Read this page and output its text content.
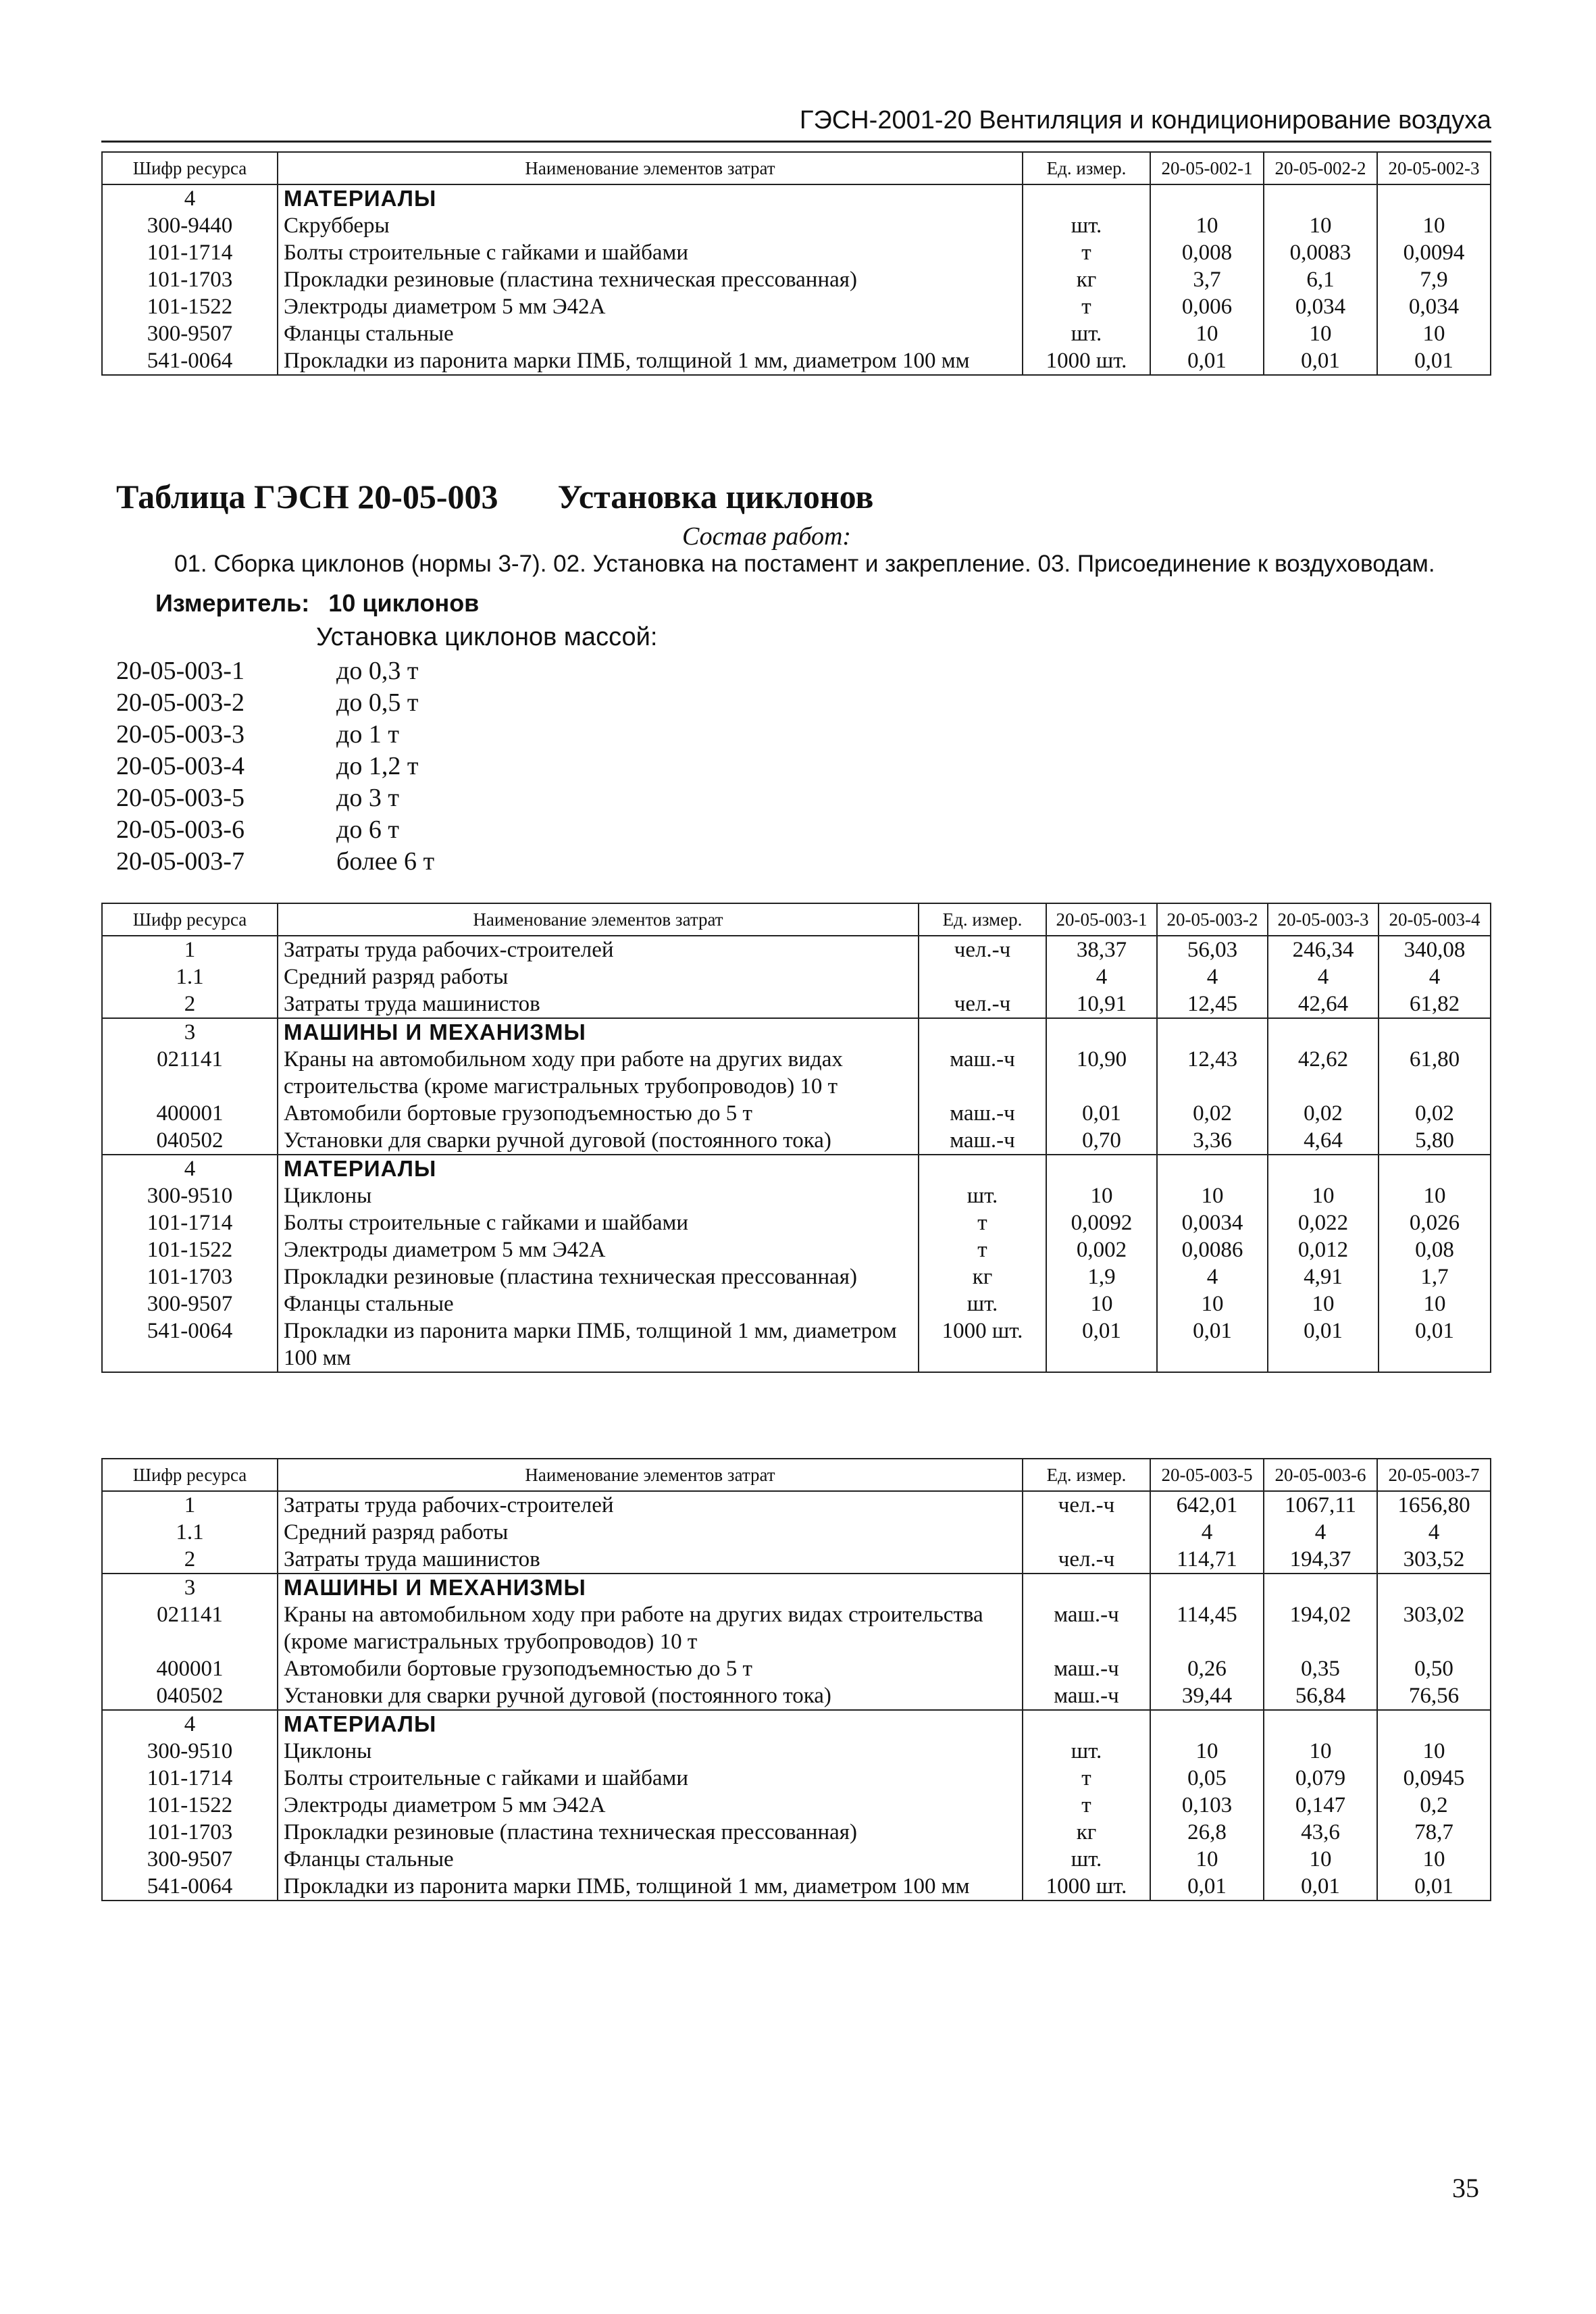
ГЭСН-2001-20 Вентиляция и кондиционирование воздуха
Шифр ресурса	Наименование элементов затрат	Ед. измер.	20-05-002-1	20-05-002-2	20-05-002-3
4	МАТЕРИАЛЫ				
300-9440	Скрубберы	шт.	10	10	10
101-1714	Болты строительные с гайками и шайбами	т	0,008	0,0083	0,0094
101-1703	Прокладки резиновые (пластина техническая прессованная)	кг	3,7	6,1	7,9
101-1522	Электроды диаметром 5 мм Э42А	т	0,006	0,034	0,034
300-9507	Фланцы стальные	шт.	10	10	10
541-0064	Прокладки из паронита марки ПМБ, толщиной 1 мм, диаметром 100 мм	1000 шт.	0,01	0,01	0,01
Таблица ГЭСН 20-05-003 Установка циклонов
Состав работ:
01. Сборка циклонов (нормы 3-7). 02. Установка на постамент и закрепление. 03. Присоединение к воздуховодам.
Измеритель: 10 циклонов
Установка циклонов массой:
20-05-003-1	до 0,3 т
20-05-003-2	до 0,5 т
20-05-003-3	до 1 т
20-05-003-4	до 1,2 т
20-05-003-5	до 3 т
20-05-003-6	до 6 т
20-05-003-7	более 6 т
Шифр ресурса	Наименование элементов затрат	Ед. измер.	20-05-003-1	20-05-003-2	20-05-003-3	20-05-003-4
1	Затраты труда рабочих-строителей	чел.-ч	38,37	56,03	246,34	340,08
1.1	Средний разряд работы		4	4	4	4
2	Затраты труда машинистов	чел.-ч	10,91	12,45	42,64	61,82
3	МАШИНЫ И МЕХАНИЗМЫ					
021141	Краны на автомобильном ходу при работе на других видах строительства (кроме магистральных трубопроводов) 10 т	маш.-ч	10,90	12,43	42,62	61,80
400001	Автомобили бортовые грузоподъемностью до 5 т	маш.-ч	0,01	0,02	0,02	0,02
040502	Установки для сварки ручной дуговой (постоянного тока)	маш.-ч	0,70	3,36	4,64	5,80
4	МАТЕРИАЛЫ					
300-9510	Циклоны	шт.	10	10	10	10
101-1714	Болты строительные с гайками и шайбами	т	0,0092	0,0034	0,022	0,026
101-1522	Электроды диаметром 5 мм Э42А	т	0,002	0,0086	0,012	0,08
101-1703	Прокладки резиновые (пластина техническая прессованная)	кг	1,9	4	4,91	1,7
300-9507	Фланцы стальные	шт.	10	10	10	10
541-0064	Прокладки из паронита марки ПМБ, толщиной 1 мм, диаметром 100 мм	1000 шт.	0,01	0,01	0,01	0,01
Шифр ресурса	Наименование элементов затрат	Ед. измер.	20-05-003-5	20-05-003-6	20-05-003-7
1	Затраты труда рабочих-строителей	чел.-ч	642,01	1067,11	1656,80
1.1	Средний разряд работы		4	4	4
2	Затраты труда машинистов	чел.-ч	114,71	194,37	303,52
3	МАШИНЫ И МЕХАНИЗМЫ				
021141	Краны на автомобильном ходу при работе на других видах строительства (кроме магистральных трубопроводов) 10 т	маш.-ч	114,45	194,02	303,02
400001	Автомобили бортовые грузоподъемностью до 5 т	маш.-ч	0,26	0,35	0,50
040502	Установки для сварки ручной дуговой (постоянного тока)	маш.-ч	39,44	56,84	76,56
4	МАТЕРИАЛЫ				
300-9510	Циклоны	шт.	10	10	10
101-1714	Болты строительные с гайками и шайбами	т	0,05	0,079	0,0945
101-1522	Электроды диаметром 5 мм Э42А	т	0,103	0,147	0,2
101-1703	Прокладки резиновые (пластина техническая прессованная)	кг	26,8	43,6	78,7
300-9507	Фланцы стальные	шт.	10	10	10
541-0064	Прокладки из паронита марки ПМБ, толщиной 1 мм, диаметром 100 мм	1000 шт.	0,01	0,01	0,01
35
